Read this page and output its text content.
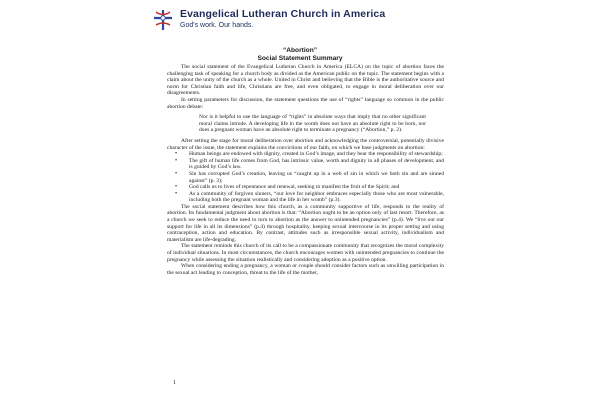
Evangelical Lutheran Church in America
God's work. Our hands.
“Abortion”
Social Statement Summary

The social statement of the Evangelical Lutheran Church in America (ELCA) on the topic of abortion faces the challenging task of speaking for a church body as divided as the American public on the topic. The statement begins with a claim about the unity of the church as a whole. United in Christ and believing that the Bible is the authoritative source and norm for Christian faith and life, Christians are free, and even obligated, to engage in moral deliberation over our disagreements.

In setting parameters for discussion, the statement questions the use of “rights” language so common in the public abortion debate:

Nor is it helpful to use the language of “rights” in absolute ways that imply that no other significant moral claims intrude. A developing life in the womb does not have an absolute right to be born, nor does a pregnant woman have an absolute right to terminate a pregnancy (“Abortion,” p. 2).

After setting the stage for moral deliberation over abortion and acknowledging the controversial, potentially divisive character of the issue, the statement explains the convictions of our faith, on which we base judgments on abortion:

• Human beings are endowed with dignity, created in God’s image, and they bear the responsibility of stewardship;
• The gift of human life comes from God, has intrinsic value, worth and dignity in all phases of development, and is guided by God’s law.
• Sin has corrupted God’s creation, leaving us “caught up in a web of sin in which we both sin and are sinned against” (p. 3);
• God calls us to lives of repentance and renewal, seeking to manifest the fruit of the Spirit; and
• As a community of forgiven sinners, “our love for neighbor embraces especially those who are most vulnerable, including both the pregnant woman and the life in her womb” (p.3).

The social statement describes how this church, as a community supportive of life, responds to the reality of abortion. Its fundamental judgment about abortion is that: “Abortion ought to be an option only of last resort. Therefore, as a church we seek to reduce the need to turn to abortion as the answer to unintended pregnancies” (p.4). We “live out our support for life in all its dimensions” (p.4) through hospitality, keeping sexual intercourse in its proper setting and using contraception, action and education. By contrast, attitudes such as irresponsible sexual activity, individualism and materialism are life-degrading.

The statement reminds this church of its call to be a compassionate community that recognizes the moral complexity of individual situations. In most circumstances, the church encourages women with unintended pregnancies to continue the pregnancy while assessing the situation realistically and considering adoption as a positive option.

When considering ending a pregnancy, a woman or couple should consider factors such as unwilling participation in the sexual act leading to conception, threat to the life of the mother,

1
